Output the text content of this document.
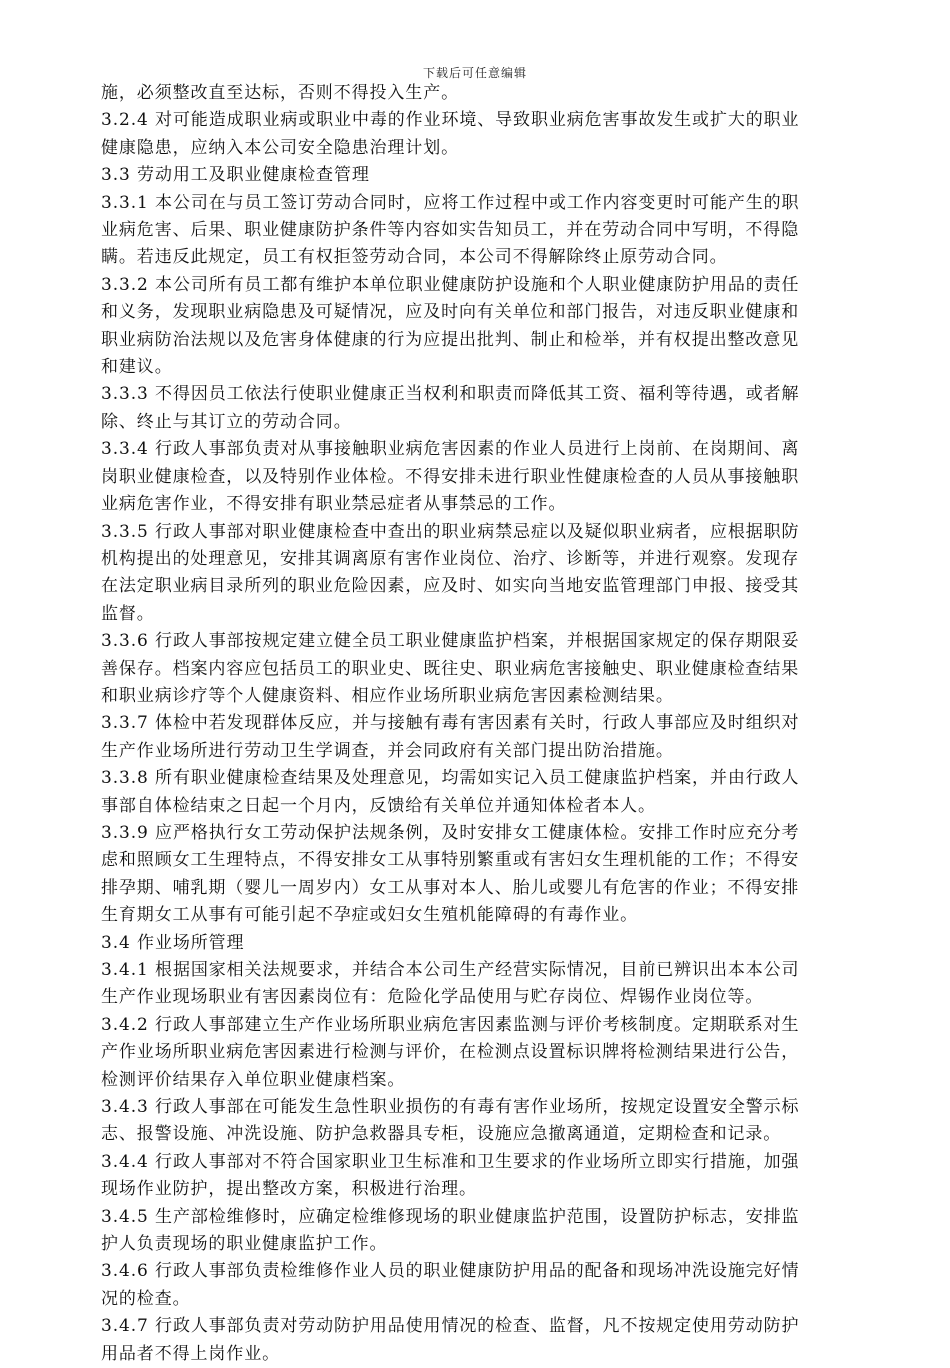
下载后可任意编辑
施，必须整改直至达标，否则不得投入生产。
3.2.4 对可能造成职业病或职业中毒的作业环境、导致职业病危害事故发生或扩大的职业
健康隐患，应纳入本公司安全隐患治理计划。
3.3 劳动用工及职业健康检查管理
3.3.1 本公司在与员工签订劳动合同时，应将工作过程中或工作内容变更时可能产生的职
业病危害、后果、职业健康防护条件等内容如实告知员工，并在劳动合同中写明，不得隐
瞒。若违反此规定，员工有权拒签劳动合同，本公司不得解除终止原劳动合同。
3.3.2 本公司所有员工都有维护本单位职业健康防护设施和个人职业健康防护用品的责任
和义务，发现职业病隐患及可疑情况，应及时向有关单位和部门报告，对违反职业健康和
职业病防治法规以及危害身体健康的行为应提出批判、制止和检举，并有权提出整改意见
和建议。
3.3.3 不得因员工依法行使职业健康正当权利和职责而降低其工资、福利等待遇，或者解
除、终止与其订立的劳动合同。
3.3.4 行政人事部负责对从事接触职业病危害因素的作业人员进行上岗前、在岗期间、离
岗职业健康检查，以及特别作业体检。不得安排未进行职业性健康检查的人员从事接触职
业病危害作业，不得安排有职业禁忌症者从事禁忌的工作。
3.3.5 行政人事部对职业健康检查中查出的职业病禁忌症以及疑似职业病者，应根据职防
机构提出的处理意见，安排其调离原有害作业岗位、治疗、诊断等，并进行观察。发现存
在法定职业病目录所列的职业危险因素，应及时、如实向当地安监管理部门申报、接受其
监督。
3.3.6 行政人事部按规定建立健全员工职业健康监护档案，并根据国家规定的保存期限妥
善保存。档案内容应包括员工的职业史、既往史、职业病危害接触史、职业健康检查结果
和职业病诊疗等个人健康资料、相应作业场所职业病危害因素检测结果。
3.3.7 体检中若发现群体反应，并与接触有毒有害因素有关时，行政人事部应及时组织对
生产作业场所进行劳动卫生学调查，并会同政府有关部门提出防治措施。
3.3.8 所有职业健康检查结果及处理意见，均需如实记入员工健康监护档案，并由行政人
事部自体检结束之日起一个月内，反馈给有关单位并通知体检者本人。
3.3.9 应严格执行女工劳动保护法规条例，及时安排女工健康体检。安排工作时应充分考
虑和照顾女工生理特点，不得安排女工从事特别繁重或有害妇女生理机能的工作；不得安
排孕期、哺乳期（婴儿一周岁内）女工从事对本人、胎儿或婴儿有危害的作业；不得安排
生育期女工从事有可能引起不孕症或妇女生殖机能障碍的有毒作业。
3.4 作业场所管理
3.4.1 根据国家相关法规要求，并结合本公司生产经营实际情况，目前已辨识出本本公司
生产作业现场职业有害因素岗位有：危险化学品使用与贮存岗位、焊锡作业岗位等。
3.4.2 行政人事部建立生产作业场所职业病危害因素监测与评价考核制度。定期联系对生
产作业场所职业病危害因素进行检测与评价，在检测点设置标识牌将检测结果进行公告，
检测评价结果存入单位职业健康档案。
3.4.3 行政人事部在可能发生急性职业损伤的有毒有害作业场所，按规定设置安全警示标
志、报警设施、冲洗设施、防护急救器具专柜，设施应急撤离通道，定期检查和记录。
3.4.4 行政人事部对不符合国家职业卫生标准和卫生要求的作业场所立即实行措施，加强
现场作业防护，提出整改方案，积极进行治理。
3.4.5 生产部检维修时，应确定检维修现场的职业健康监护范围，设置防护标志，安排监
护人负责现场的职业健康监护工作。
3.4.6 行政人事部负责检维修作业人员的职业健康防护用品的配备和现场冲洗设施完好情
况的检查。
3.4.7 行政人事部负责对劳动防护用品使用情况的检查、监督，凡不按规定使用劳动防护
用品者不得上岗作业。
